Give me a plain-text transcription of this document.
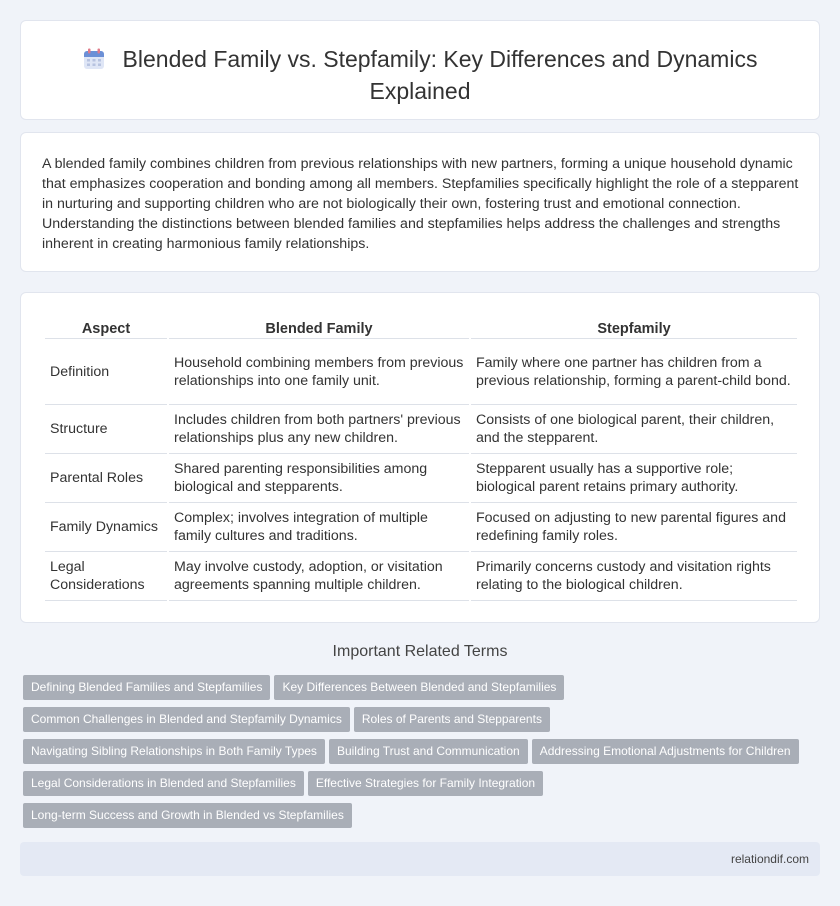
Blended Family vs. Stepfamily: Key Differences and Dynamics Explained

A blended family combines children from previous relationships with new partners, forming a unique household dynamic that emphasizes cooperation and bonding among all members. Stepfamilies specifically highlight the role of a stepparent in nurturing and supporting children who are not biologically their own, fostering trust and emotional connection. Understanding the distinctions between blended families and stepfamilies helps address the challenges and strengths inherent in creating harmonious family relationships.

Aspect	Blended Family	Stepfamily
Definition	Household combining members from previous relationships into one family unit.	Family where one partner has children from a previous relationship, forming a parent-child bond.
Structure	Includes children from both partners' previous relationships plus any new children.	Consists of one biological parent, their children, and the stepparent.
Parental Roles	Shared parenting responsibilities among biological and stepparents.	Stepparent usually has a supportive role; biological parent retains primary authority.
Family Dynamics	Complex; involves integration of multiple family cultures and traditions.	Focused on adjusting to new parental figures and redefining family roles.
Legal Considerations	May involve custody, adoption, or visitation agreements spanning multiple children.	Primarily concerns custody and visitation rights relating to the biological children.
Important Related Terms
Defining Blended Families and Stepfamilies Key Differences Between Blended and Stepfamilies
Common Challenges in Blended and Stepfamily Dynamics Roles of Parents and Stepparents
Navigating Sibling Relationships in Both Family Types Building Trust and Communication Addressing Emotional Adjustments for Children
Legal Considerations in Blended and Stepfamilies Effective Strategies for Family Integration
Long-term Success and Growth in Blended vs Stepfamilies
relationdif.com
